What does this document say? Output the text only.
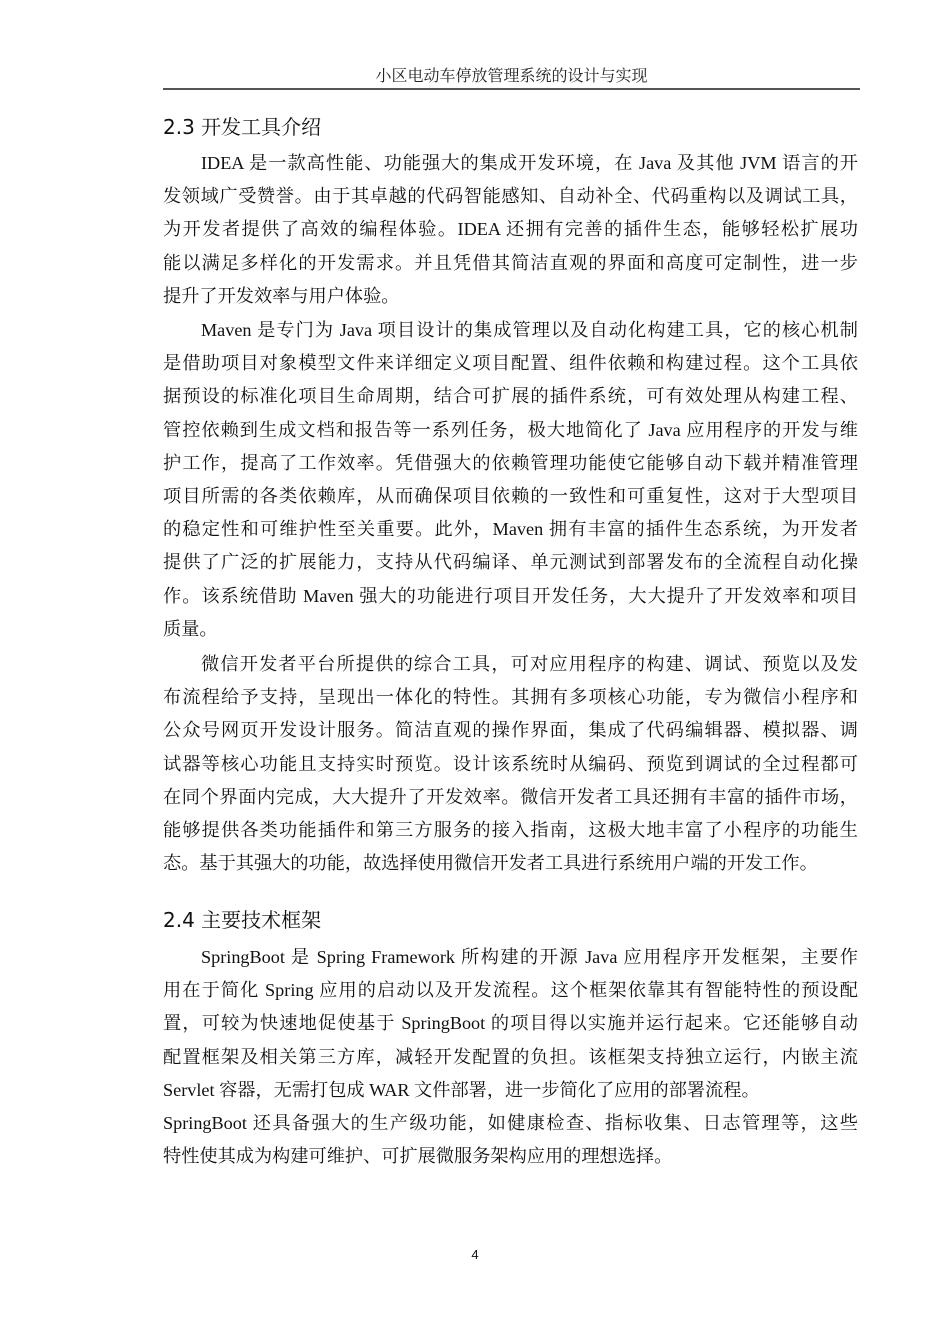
小区电动车停放管理系统的设计与实现
2.3 开发工具介绍
IDEA 是一款高性能、功能强大的集成开发环境，在 Java 及其他 JVM 语言的开
发领域广受赞誉。由于其卓越的代码智能感知、自动补全、代码重构以及调试工具，
为开发者提供了高效的编程体验。IDEA 还拥有完善的插件生态，能够轻松扩展功
能以满足多样化的开发需求。并且凭借其简洁直观的界面和高度可定制性，进一步
提升了开发效率与用户体验。
Maven 是专门为 Java 项目设计的集成管理以及自动化构建工具，它的核心机制
是借助项目对象模型文件来详细定义项目配置、组件依赖和构建过程。这个工具依
据预设的标准化项目生命周期，结合可扩展的插件系统，可有效处理从构建工程、
管控依赖到生成文档和报告等一系列任务，极大地简化了 Java 应用程序的开发与维
护工作，提高了工作效率。凭借强大的依赖管理功能使它能够自动下载并精准管理
项目所需的各类依赖库，从而确保项目依赖的一致性和可重复性，这对于大型项目
的稳定性和可维护性至关重要。此外，Maven 拥有丰富的插件生态系统，为开发者
提供了广泛的扩展能力，支持从代码编译、单元测试到部署发布的全流程自动化操
作。该系统借助 Maven 强大的功能进行项目开发任务，大大提升了开发效率和项目
质量。
微信开发者平台所提供的综合工具，可对应用程序的构建、调试、预览以及发
布流程给予支持，呈现出一体化的特性。其拥有多项核心功能，专为微信小程序和
公众号网页开发设计服务。简洁直观的操作界面，集成了代码编辑器、模拟器、调
试器等核心功能且支持实时预览。设计该系统时从编码、预览到调试的全过程都可
在同个界面内完成，大大提升了开发效率。微信开发者工具还拥有丰富的插件市场，
能够提供各类功能插件和第三方服务的接入指南，这极大地丰富了小程序的功能生
态。基于其强大的功能，故选择使用微信开发者工具进行系统用户端的开发工作。
2.4 主要技术框架
SpringBoot 是 Spring Framework 所构建的开源 Java 应用程序开发框架，主要作
用在于简化 Spring 应用的启动以及开发流程。这个框架依靠其有智能特性的预设配
置，可较为快速地促使基于 SpringBoot 的项目得以实施并运行起来。它还能够自动
配置框架及相关第三方库，减轻开发配置的负担。该框架支持独立运行，内嵌主流
Servlet 容器，无需打包成 WAR 文件部署，进一步简化了应用的部署流程。
SpringBoot 还具备强大的生产级功能，如健康检查、指标收集、日志管理等，这些
特性使其成为构建可维护、可扩展微服务架构应用的理想选择。
4
